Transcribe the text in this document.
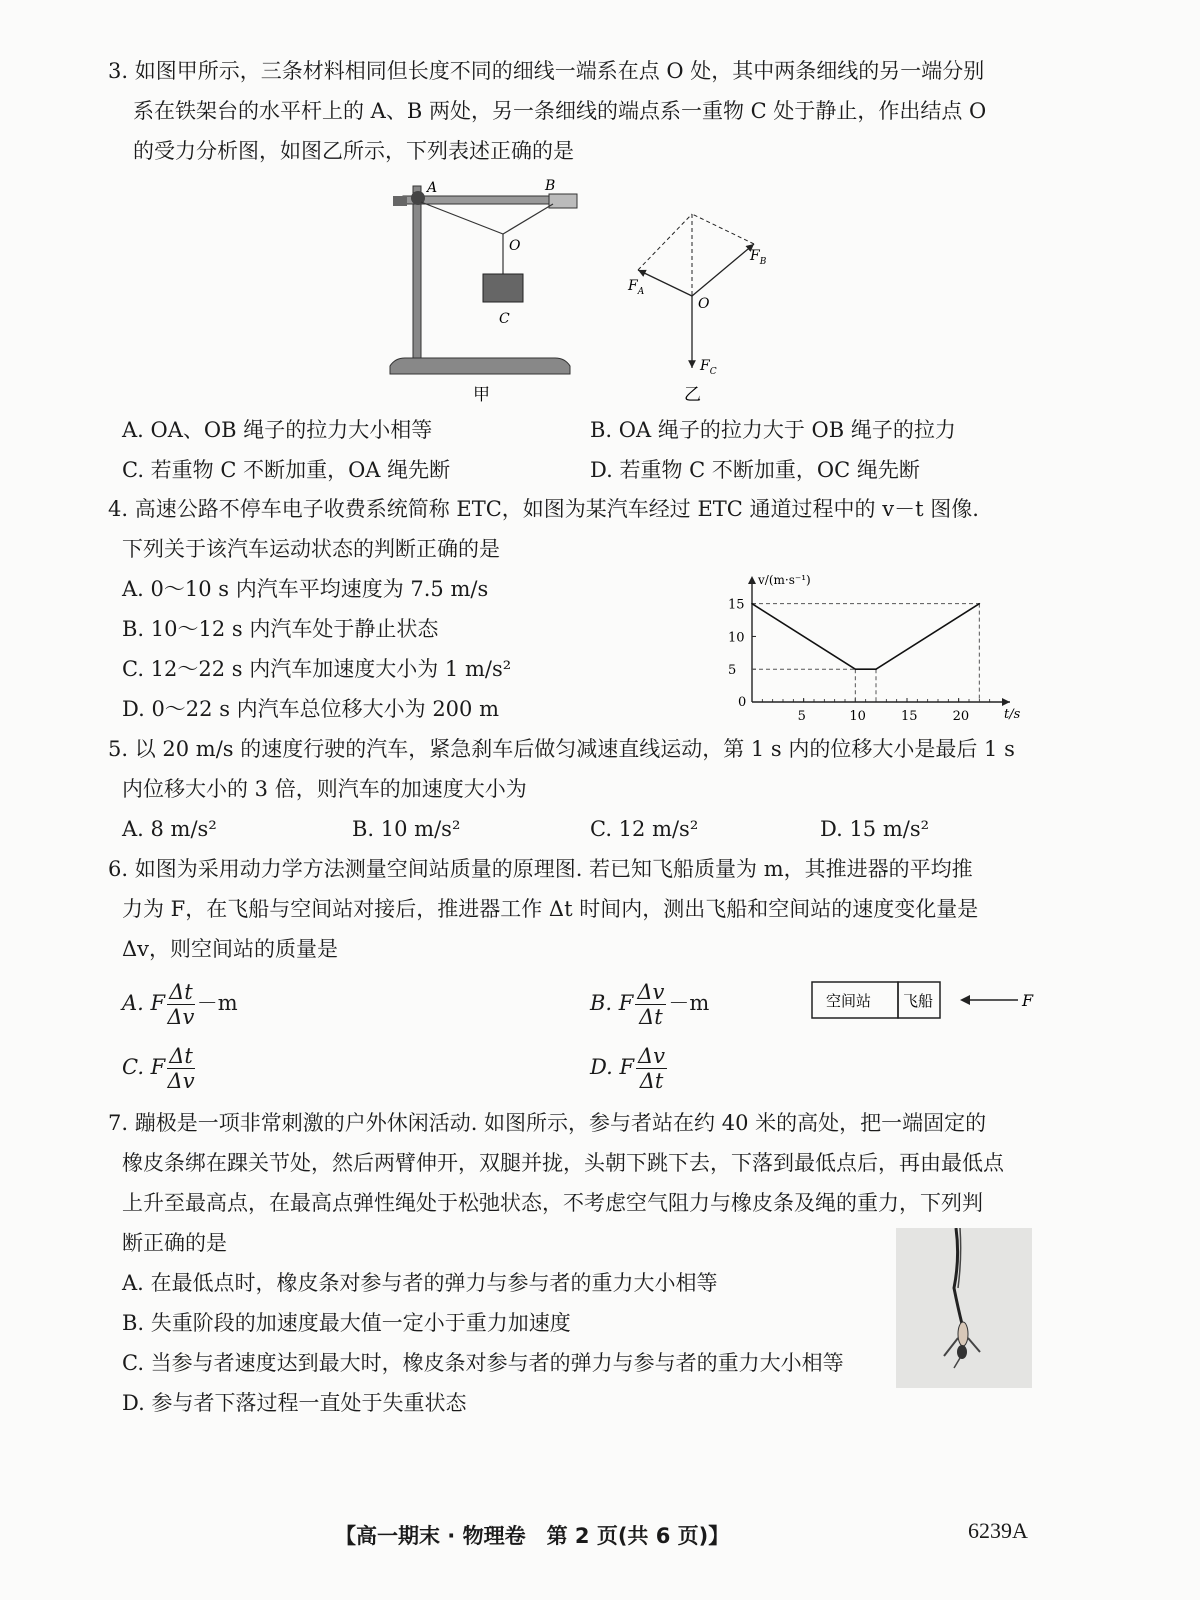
3. 如图甲所示，三条材料相同但长度不同的细线一端系在点 O 处，其中两条细线的另一端分别
系在铁架台的水平杆上的 A、B 两处，另一条细线的端点系一重物 C 处于静止，作出结点 O
的受力分析图，如图乙所示，下列表述正确的是
A	B
O
C
甲
$F_A$
$F_B$
O
$F_C$
乙
A. OA、OB 绳子的拉力大小相等	B. OA 绳子的拉力大于 OB 绳子的拉力
C. 若重物 C 不断加重，OA 绳先断	D. 若重物 C 不断加重，OC 绳先断
4. 高速公路不停车电子收费系统简称 ETC，如图为某汽车经过 ETC 通道过程中的 v－t 图像.
下列关于该汽车运动状态的判断正确的是
A. 0～10 s 内汽车平均速度为 7.5 m/s
B. 10～12 s 内汽车处于静止状态
C. 12～22 s 内汽车加速度大小为 1 m/s²
D. 0～22 s 内汽车总位移大小为 200 m
v/(m·s⁻¹)
t/s
0
5	10	15	20
5
10
15
5. 以 20 m/s 的速度行驶的汽车，紧急刹车后做匀减速直线运动，第 1 s 内的位移大小是最后 1 s
内位移大小的 3 倍，则汽车的加速度大小为
A. 8 m/s²	B. 10 m/s²	C. 12 m/s²	D. 15 m/s²
6. 如图为采用动力学方法测量空间站质量的原理图. 若已知飞船质量为 m，其推进器的平均推
力为 F，在飞船与空间站对接后，推进器工作 Δt 时间内，测出飞船和空间站的速度变化量是
Δv，则空间站的质量是
A. F $\frac{\Delta t}{\Delta v} -m$	B. F $\frac{\Delta v}{\Delta t} -m$
C. F $\frac{\Delta t}{\Delta v}$	D. F $\frac{\Delta v}{\Delta t}$
空间站 飞船	F
7. 蹦极是一项非常刺激的户外休闲活动. 如图所示，参与者站在约 40 米的高处，把一端固定的
橡皮条绑在踝关节处，然后两臂伸开，双腿并拢，头朝下跳下去，下落到最低点后，再由最低点
上升至最高点，在最高点弹性绳处于松弛状态，不考虑空气阻力与橡皮条及绳的重力，下列判
断正确的是
A. 在最低点时，橡皮条对参与者的弹力与参与者的重力大小相等
B. 失重阶段的加速度最大值一定小于重力加速度
C. 当参与者速度达到最大时，橡皮条对参与者的弹力与参与者的重力大小相等
D. 参与者下落过程一直处于失重状态
【高一期末 · 物理卷　第 2 页(共 6 页)】	6239A
